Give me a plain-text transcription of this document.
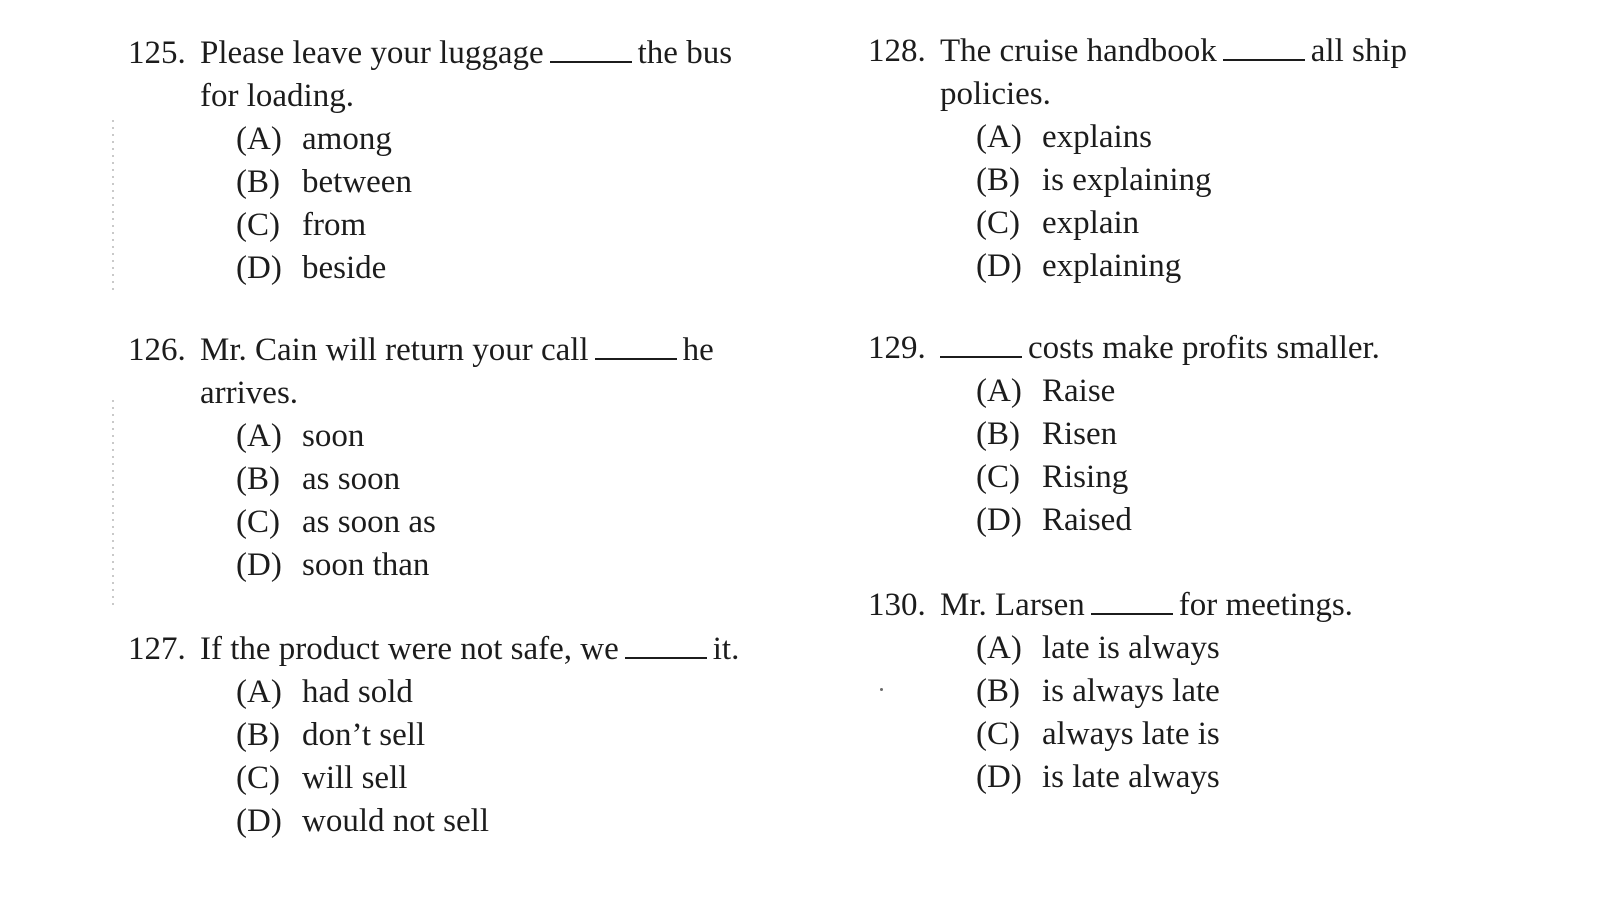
125. Please leave your luggage	the bus
for loading.
(A) among
(B) between
(C) from
(D) beside
126. Mr. Cain will return your call	he
arrives.
(A) soon
(B) as soon
(C) as soon as
(D) soon than
127. If the product were not safe, we	it.
(A) had sold
(B) don’t sell
(C) will sell
(D) would not sell
128. The cruise handbook	all ship
policies.
(A) explains
(B) is explaining
(C) explain
(D) explaining
129.	costs make profits smaller.
(A) Raise
(B) Risen
(C) Rising
(D) Raised
130. Mr. Larsen	for meetings.
(A) late is always
(B) is always late
(C) always late is
(D) is late always
